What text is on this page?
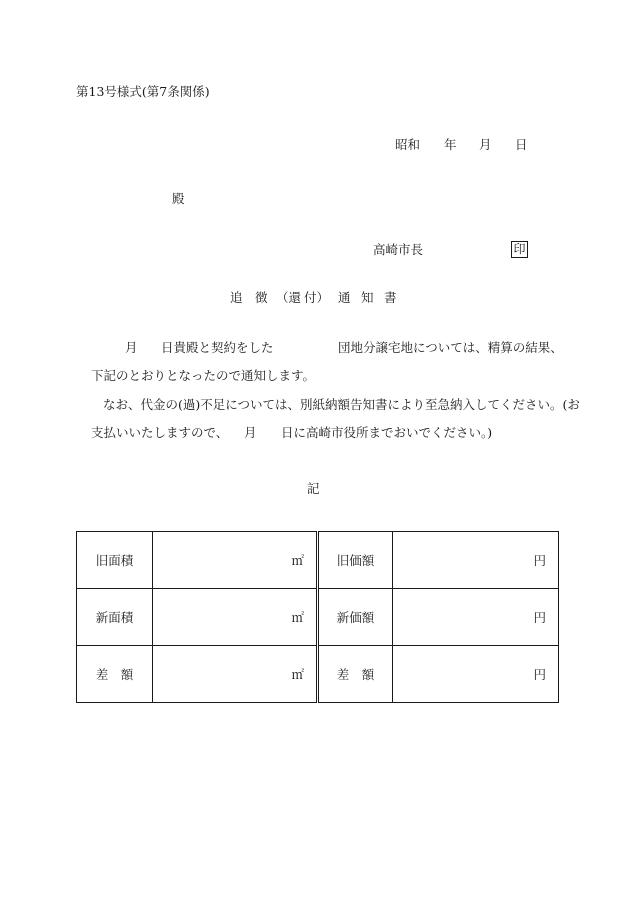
第13号様式(第7条関係)
昭和 年 月 日
殿
高崎市長	印
追 徴 （還 付） 通 知 書
月 日貴殿と契約をした	団地分譲宅地については、精算の結果、
下記のとおりとなったので通知します。
なお、代金の(過)不足については、別紙納額告知書により至急納入してください。(お
支払いいたしますので、 月 日に高崎市役所までおいでください。)
記
旧面積	㎡	旧価額	円
新面積	㎡	新価額	円
差　額	㎡	差　額	円
